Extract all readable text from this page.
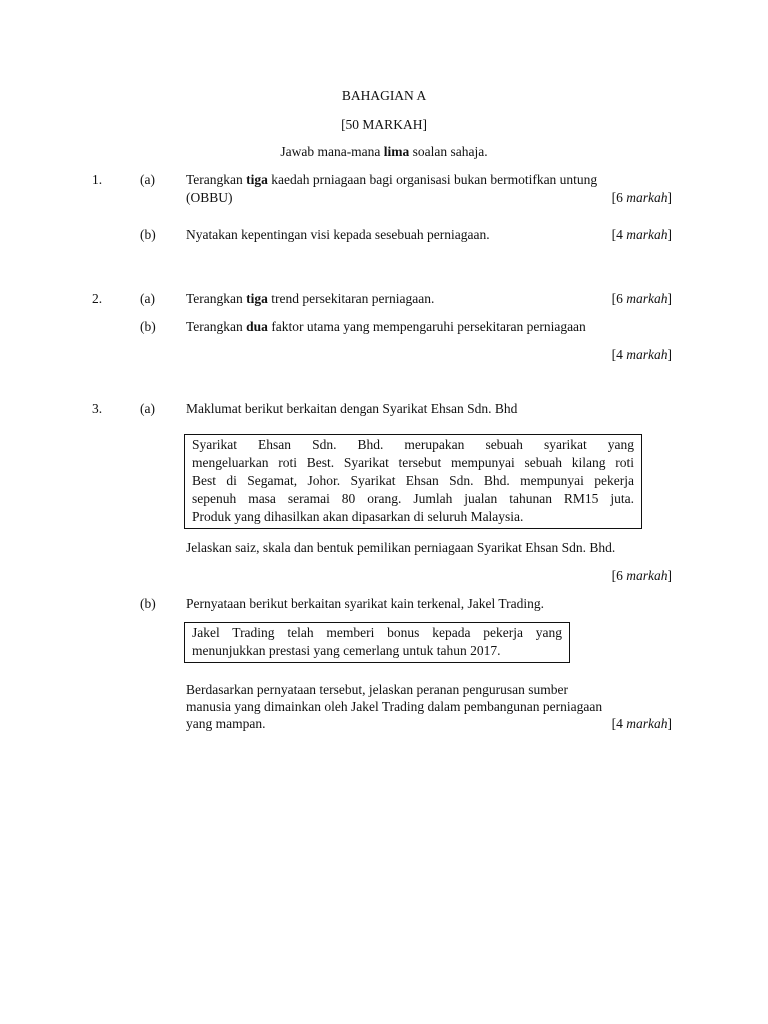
BAHAGIAN A
[50 MARKAH]
Jawab mana-mana lima soalan sahaja.
1.	(a) Terangkan tiga kaedah prniagaan bagi organisasi bukan bermotifkan untung
(OBBU)	[6 markah]
(b) Nyatakan kepentingan visi kepada sesebuah perniagaan.	[4 markah]
2.	(a) Terangkan tiga trend persekitaran perniagaan.	[6 markah]
(b) Terangkan dua faktor utama yang mempengaruhi persekitaran perniagaan
[4 markah]
3.	(a) Maklumat berikut berkaitan dengan Syarikat Ehsan Sdn. Bhd
Syarikat Ehsan Sdn. Bhd. merupakan sebuah syarikat yang
mengeluarkan roti Best. Syarikat tersebut mempunyai sebuah kilang roti
Best di Segamat, Johor. Syarikat Ehsan Sdn. Bhd. mempunyai pekerja
sepenuh masa seramai 80 orang. Jumlah jualan tahunan RM15 juta.
Produk yang dihasilkan akan dipasarkan di seluruh Malaysia.
Jelaskan saiz, skala dan bentuk pemilikan perniagaan Syarikat Ehsan Sdn. Bhd.
[6 markah]
(b) Pernyataan berikut berkaitan syarikat kain terkenal, Jakel Trading.
Jakel Trading telah memberi bonus kepada pekerja yang
menunjukkan prestasi yang cemerlang untuk tahun 2017.
Berdasarkan pernyataan tersebut, jelaskan peranan pengurusan sumber
manusia yang dimainkan oleh Jakel Trading dalam pembangunan perniagaan
yang mampan.	[4 markah]
